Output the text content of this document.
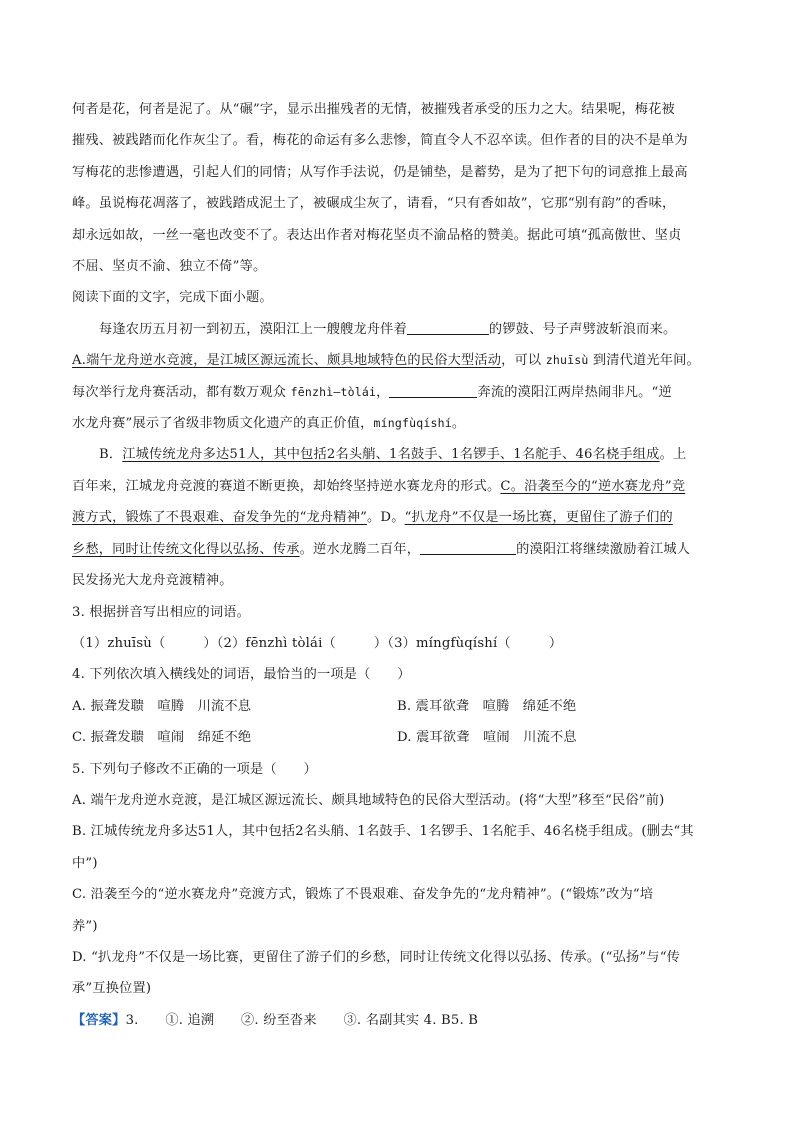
何者是花，何者是泥了。从“碾”字，显示出摧残者的无情，被摧残者承受的压力之大。结果呢，梅花被

摧残、被践踏而化作灰尘了。看，梅花的命运有多么悲惨，简直令人不忍卒读。但作者的目的决不是单为

写梅花的悲惨遭遇，引起人们的同情；从写作手法说，仍是铺垫，是蓄势，是为了把下句的词意推上最高

峰。虽说梅花凋落了，被践踏成泥土了，被碾成尘灰了，请看，“只有香如故”，它那“别有韵”的香味，

却永远如故，一丝一毫也改变不了。表达出作者对梅花坚贞不渝品格的赞美。据此可填“孤高傲世、坚贞

不屈、坚贞不渝、独立不倚”等。

阅读下面的文字，完成下面小题。

每逢农历五月初一到初五，漠阳江上一艘艘龙舟伴着	的锣鼓、号子声劈波斩浪而来。

A.端午龙舟逆水竞渡，是江城区源远流长、颇具地域特色的民俗大型活动，可以 zhuīsù 到清代道光年间。

每次举行龙舟赛活动，都有数万观众 fēnzhì—tòlái，	奔流的漠阳江两岸热闹非凡。“逆

水龙舟赛”展示了省级非物质文化遗产的真正价值，míngfùqíshí。

B．江城传统龙舟多达51人，其中包括2名头艄、1名鼓手、1名锣手、1名舵手、46名桡手组成。上

百年来，江城龙舟竞渡的赛道不断更换，却始终坚持逆水赛龙舟的形式。C。沿袭至今的“逆水赛龙舟”竞

渡方式，锻炼了不畏艰难、奋发争先的“龙舟精神”。D。“扒龙舟”不仅是一场比赛，更留住了游子们的

乡愁，同时让传统文化得以弘扬、传承。逆水龙腾二百年，	的漠阳江将继续激励着江城人

民发扬光大龙舟竞渡精神。

3. 根据拼音写出相应的词语。

（1）zhuīsù（	）（2）fēnzhì tòlái（	）（3）míngfùqíshí（	）

4. 下列依次填入横线处的词语，最恰当的一项是（　　）

A. 振聋发聩　喧腾　川流不息	B. 震耳欲聋　喧腾　绵延不绝
C. 振聋发聩　喧闹　绵延不绝	D. 震耳欲聋　喧闹　川流不息

5. 下列句子修改不正确的一项是（　　）

A. 端午龙舟逆水竞渡，是江城区源远流长、颇具地域特色的民俗大型活动。(将“大型”移至“民俗”前)

B. 江城传统龙舟多达51人，其中包括2名头艄、1名鼓手、1名锣手、1名舵手、46名桡手组成。(删去“其

中”)

C. 沿袭至今的“逆水赛龙舟”竞渡方式，锻炼了不畏艰难、奋发争先的“龙舟精神”。(“锻炼”改为“培

养”)

D. “扒龙舟”不仅是一场比赛，更留住了游子们的乡愁，同时让传统文化得以弘扬、传承。(“弘扬”与“传

承”互换位置)

【答案】3.　　①. 追溯　　②. 纷至沓来　　③. 名副其实 4. B5. B
